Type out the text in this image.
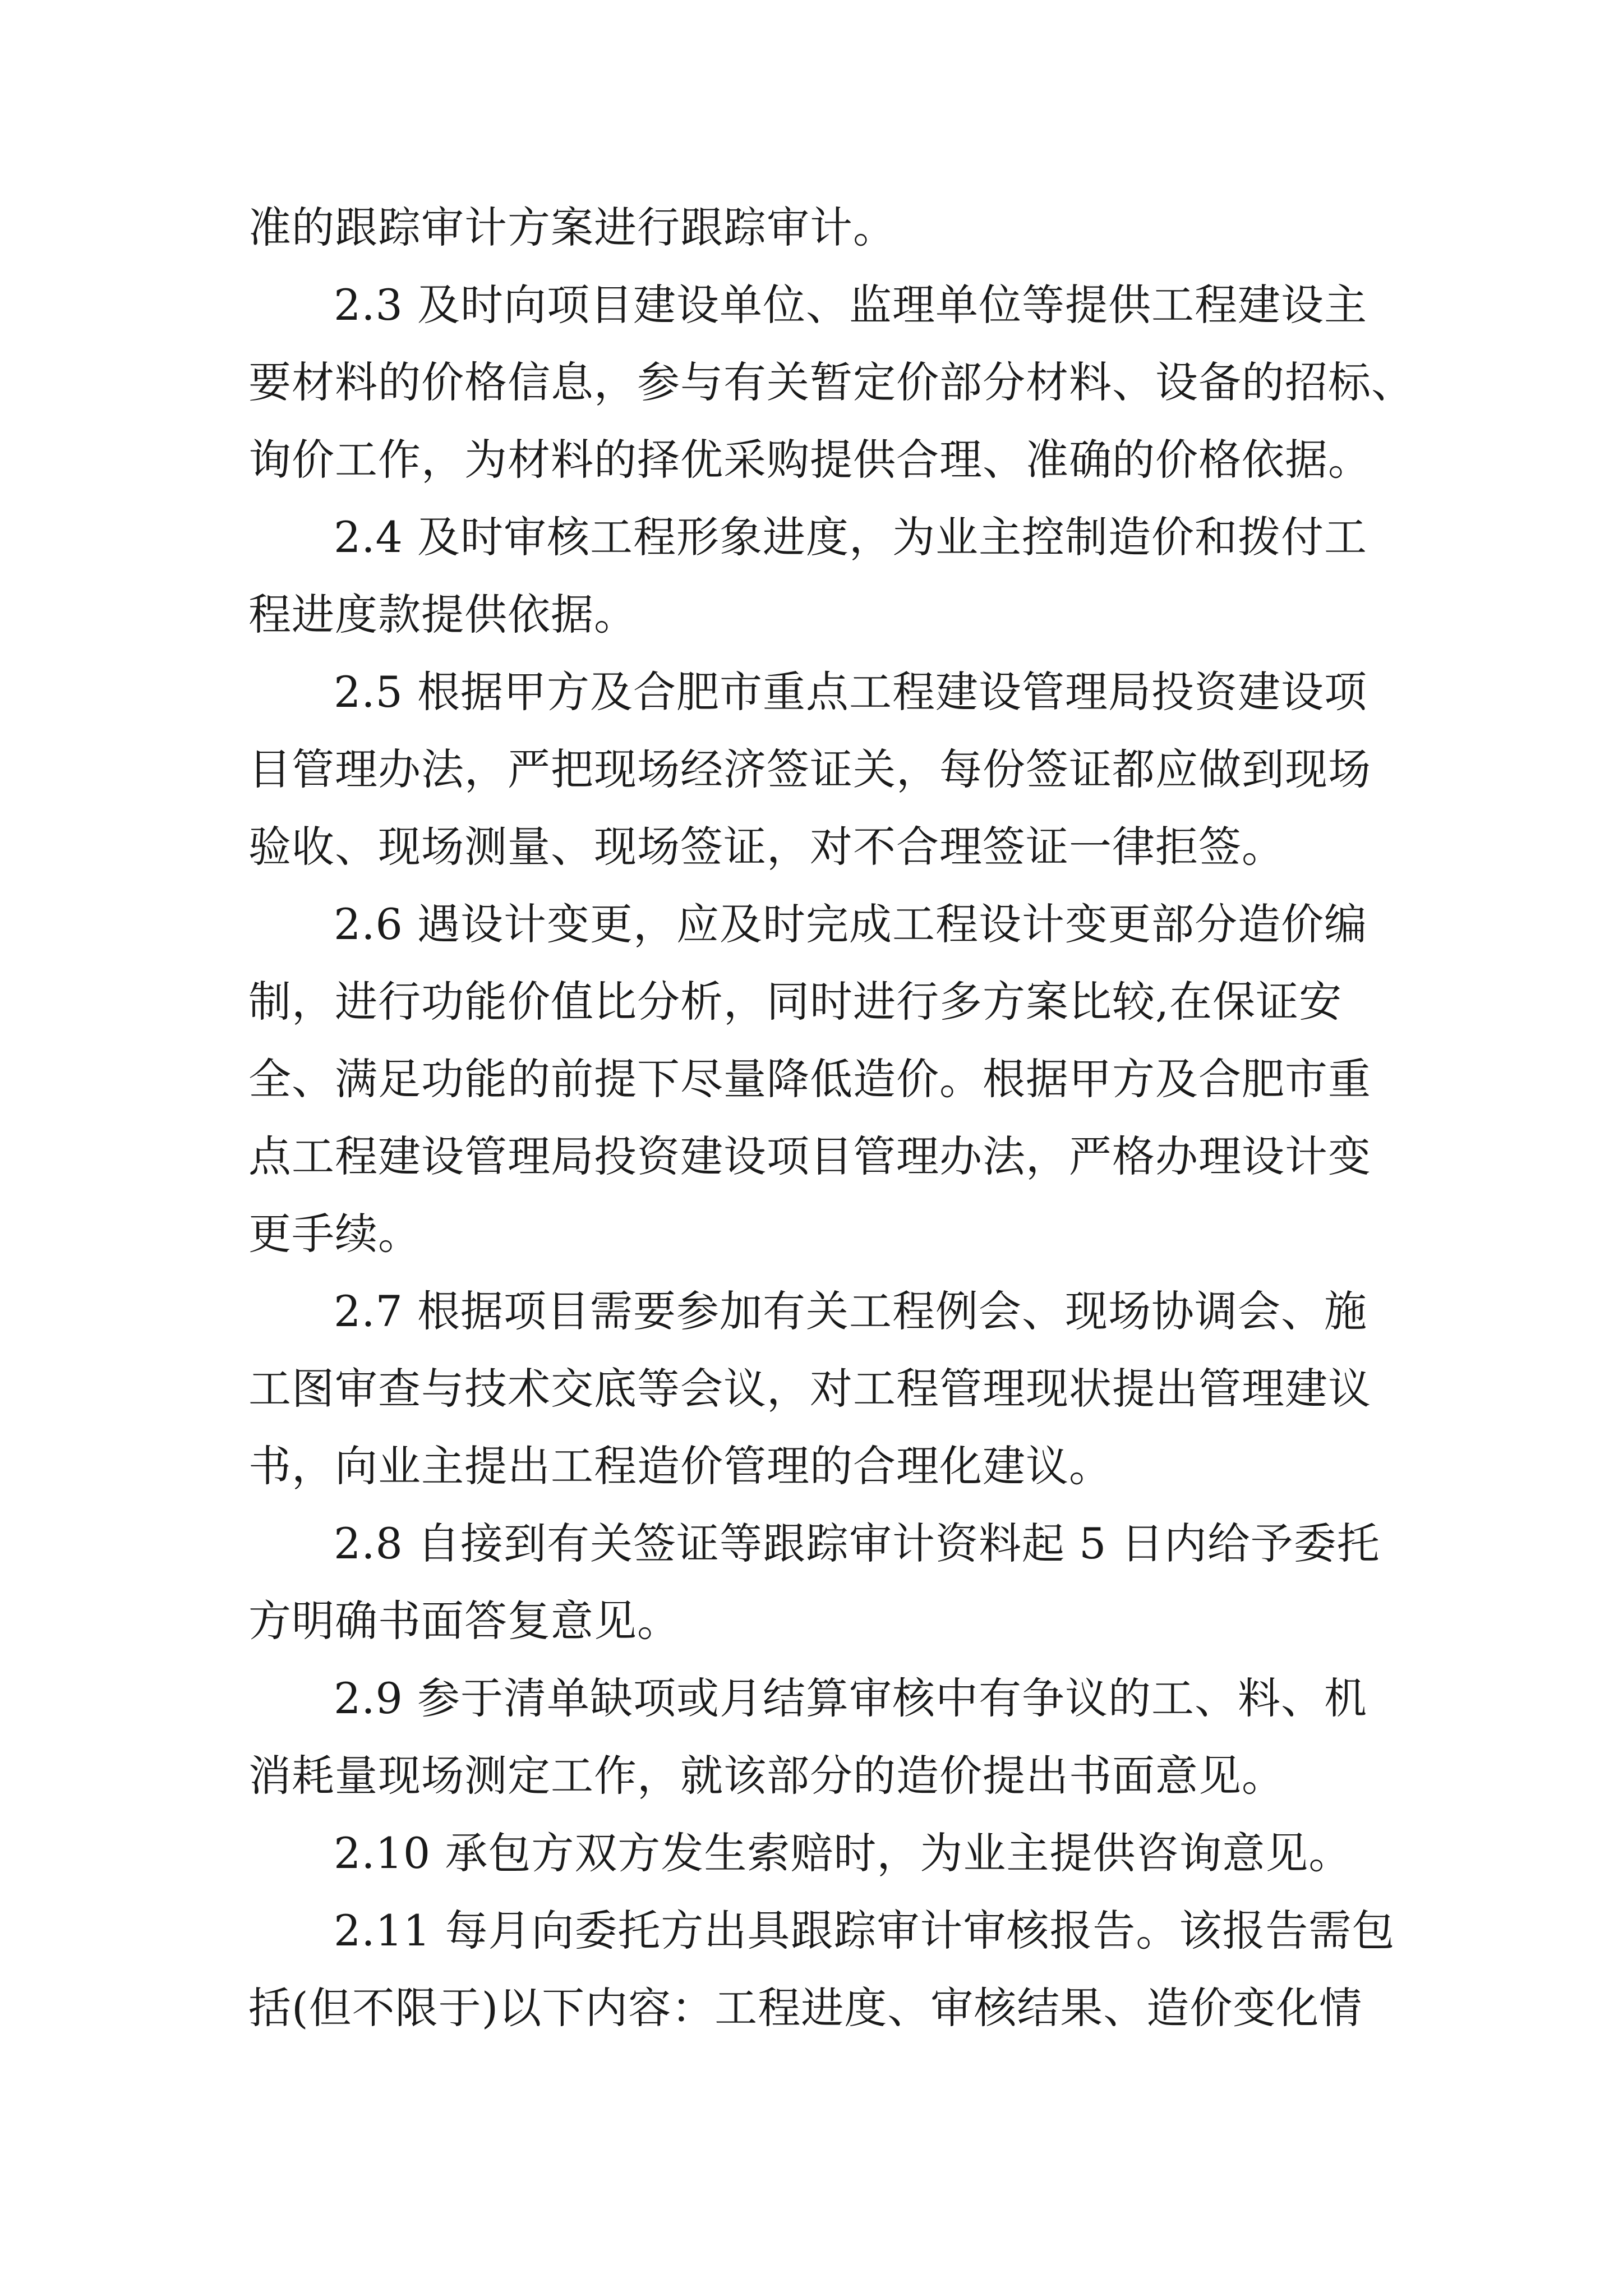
准的跟踪审计方案进行跟踪审计。
2.3 及时向项目建设单位、监理单位等提供工程建设主
要材料的价格信息，参与有关暂定价部分材料、设备的招标、
询价工作，为材料的择优采购提供合理、准确的价格依据。
2.4 及时审核工程形象进度，为业主控制造价和拨付工
程进度款提供依据。
2.5 根据甲方及合肥市重点工程建设管理局投资建设项
目管理办法，严把现场经济签证关，每份签证都应做到现场
验收、现场测量、现场签证，对不合理签证一律拒签。
2.6 遇设计变更，应及时完成工程设计变更部分造价编
制，进行功能价值比分析，同时进行多方案比较,在保证安
全、满足功能的前提下尽量降低造价。根据甲方及合肥市重
点工程建设管理局投资建设项目管理办法，严格办理设计变
更手续。
2.7 根据项目需要参加有关工程例会、现场协调会、施
工图审查与技术交底等会议，对工程管理现状提出管理建议
书，向业主提出工程造价管理的合理化建议。
2.8 自接到有关签证等跟踪审计资料起 5 日内给予委托
方明确书面答复意见。
2.9 参于清单缺项或月结算审核中有争议的工、料、机
消耗量现场测定工作，就该部分的造价提出书面意见。
2.10 承包方双方发生索赔时，为业主提供咨询意见。
2.11 每月向委托方出具跟踪审计审核报告。该报告需包
括(但不限于)以下内容：工程进度、审核结果、造价变化情
